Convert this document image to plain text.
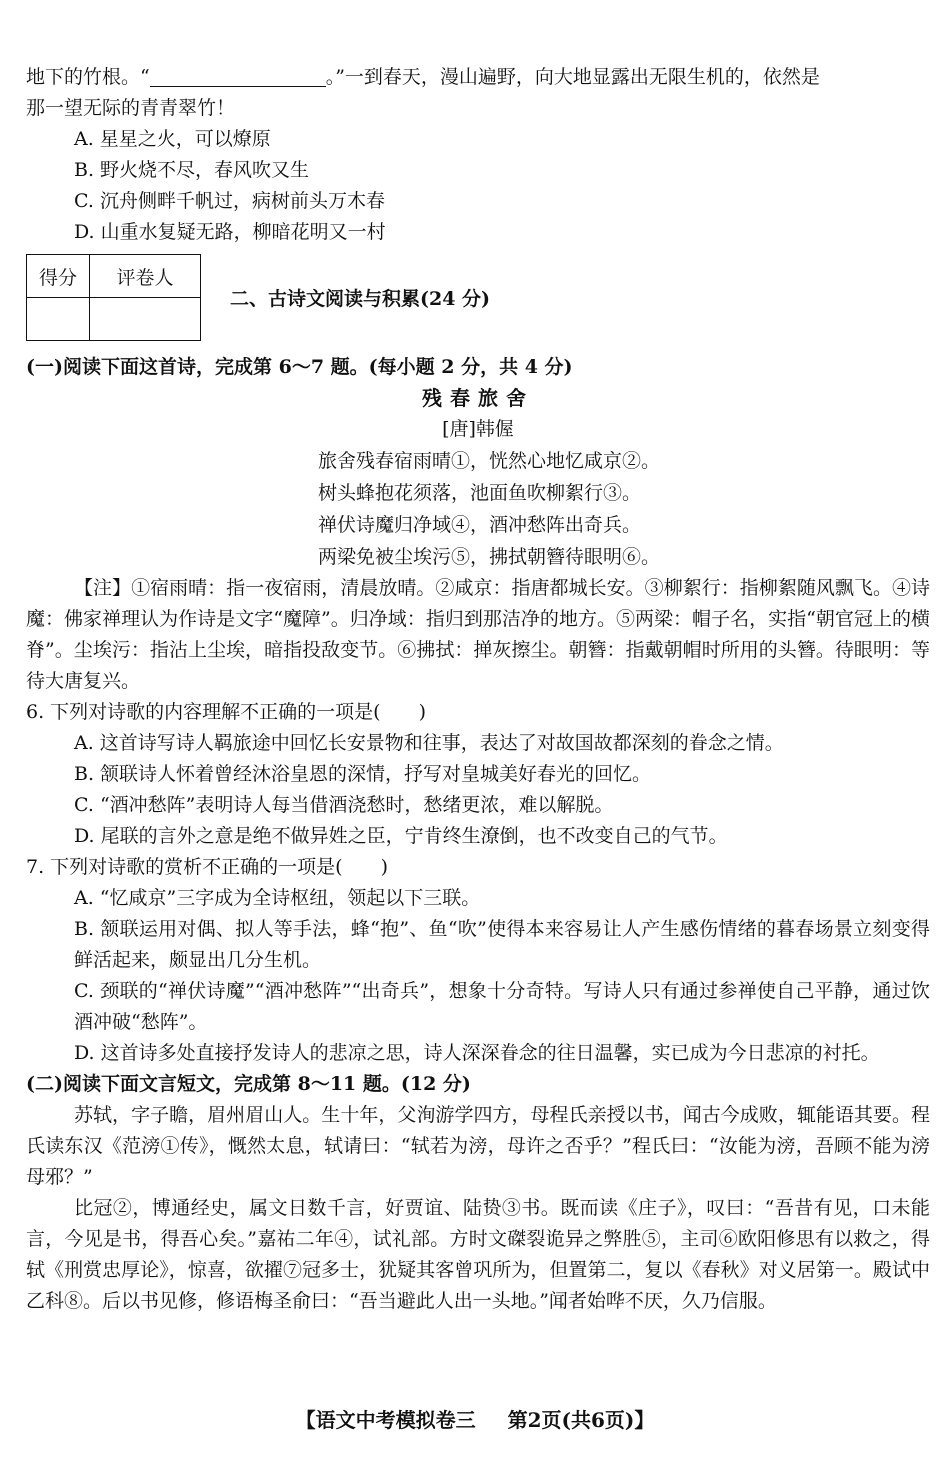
地下的竹根。“	。”一到春天，漫山遍野，向大地显露出无限生机的，依然是
那一望无际的青青翠竹！
A. 星星之火，可以燎原
B. 野火烧不尽，春风吹又生
C. 沉舟侧畔千帆过，病树前头万木春
D. 山重水复疑无路，柳暗花明又一村
得分	评卷人

二、古诗文阅读与积累(24 分)
(一)阅读下面这首诗，完成第 6～7 题。(每小题 2 分，共 4 分)
残春旅舍
[唐]韩偓
旅舍残春宿雨晴①，恍然心地忆咸京②。
树头蜂抱花须落，池面鱼吹柳絮行③。
禅伏诗魔归净域④，酒冲愁阵出奇兵。
两梁免被尘埃污⑤，拂拭朝簪待眼明⑥。
【注】①宿雨晴：指一夜宿雨，清晨放晴。②咸京：指唐都城长安。③柳絮行：指柳絮随风飘飞。④诗魔：佛家禅理认为作诗是文字“魔障”。归净域：指归到那洁净的地方。⑤两梁：帽子名，实指“朝官冠上的横脊”。尘埃污：指沾上尘埃，暗指投敌变节。⑥拂拭：掸灰擦尘。朝簪：指戴朝帽时所用的头簪。待眼明：等待大唐复兴。
6. 下列对诗歌的内容理解不正确的一项是(　　)
A. 这首诗写诗人羁旅途中回忆长安景物和往事，表达了对故国故都深刻的眷念之情。
B. 颔联诗人怀着曾经沐浴皇恩的深情，抒写对皇城美好春光的回忆。
C. “酒冲愁阵”表明诗人每当借酒浇愁时，愁绪更浓，难以解脱。
D. 尾联的言外之意是绝不做异姓之臣，宁肯终生潦倒，也不改变自己的气节。
7. 下列对诗歌的赏析不正确的一项是(　　)
A. “忆咸京”三字成为全诗枢纽，领起以下三联。
B. 颔联运用对偶、拟人等手法，蜂“抱”、鱼“吹”使得本来容易让人产生感伤情绪的暮春场景立刻变得鲜活起来，颇显出几分生机。
C. 颈联的“禅伏诗魔”“酒冲愁阵”“出奇兵”，想象十分奇特。写诗人只有通过参禅使自己平静，通过饮酒冲破“愁阵”。
D. 这首诗多处直接抒发诗人的悲凉之思，诗人深深眷念的往日温馨，实已成为今日悲凉的衬托。
(二)阅读下面文言短文，完成第 8～11 题。(12 分)
苏轼，字子瞻，眉州眉山人。生十年，父洵游学四方，母程氏亲授以书，闻古今成败，辄能语其要。程氏读东汉《范滂①传》，慨然太息，轼请曰：“轼若为滂，母许之否乎？”程氏曰：“汝能为滂，吾顾不能为滂母邪？”
比冠②，博通经史，属文日数千言，好贾谊、陆贽③书。既而读《庄子》，叹曰：“吾昔有见，口未能言，今见是书，得吾心矣。”嘉祐二年④，试礼部。方时文磔裂诡异之弊胜⑤，主司⑥欧阳修思有以救之，得轼《刑赏忠厚论》，惊喜，欲擢⑦冠多士，犹疑其客曾巩所为，但置第二，复以《春秋》对义居第一。殿试中乙科⑧。后以书见修，修语梅圣俞曰：“吾当避此人出一头地。”闻者始哗不厌，久乃信服。
【语文中考模拟卷三 第2页(共6页)】
